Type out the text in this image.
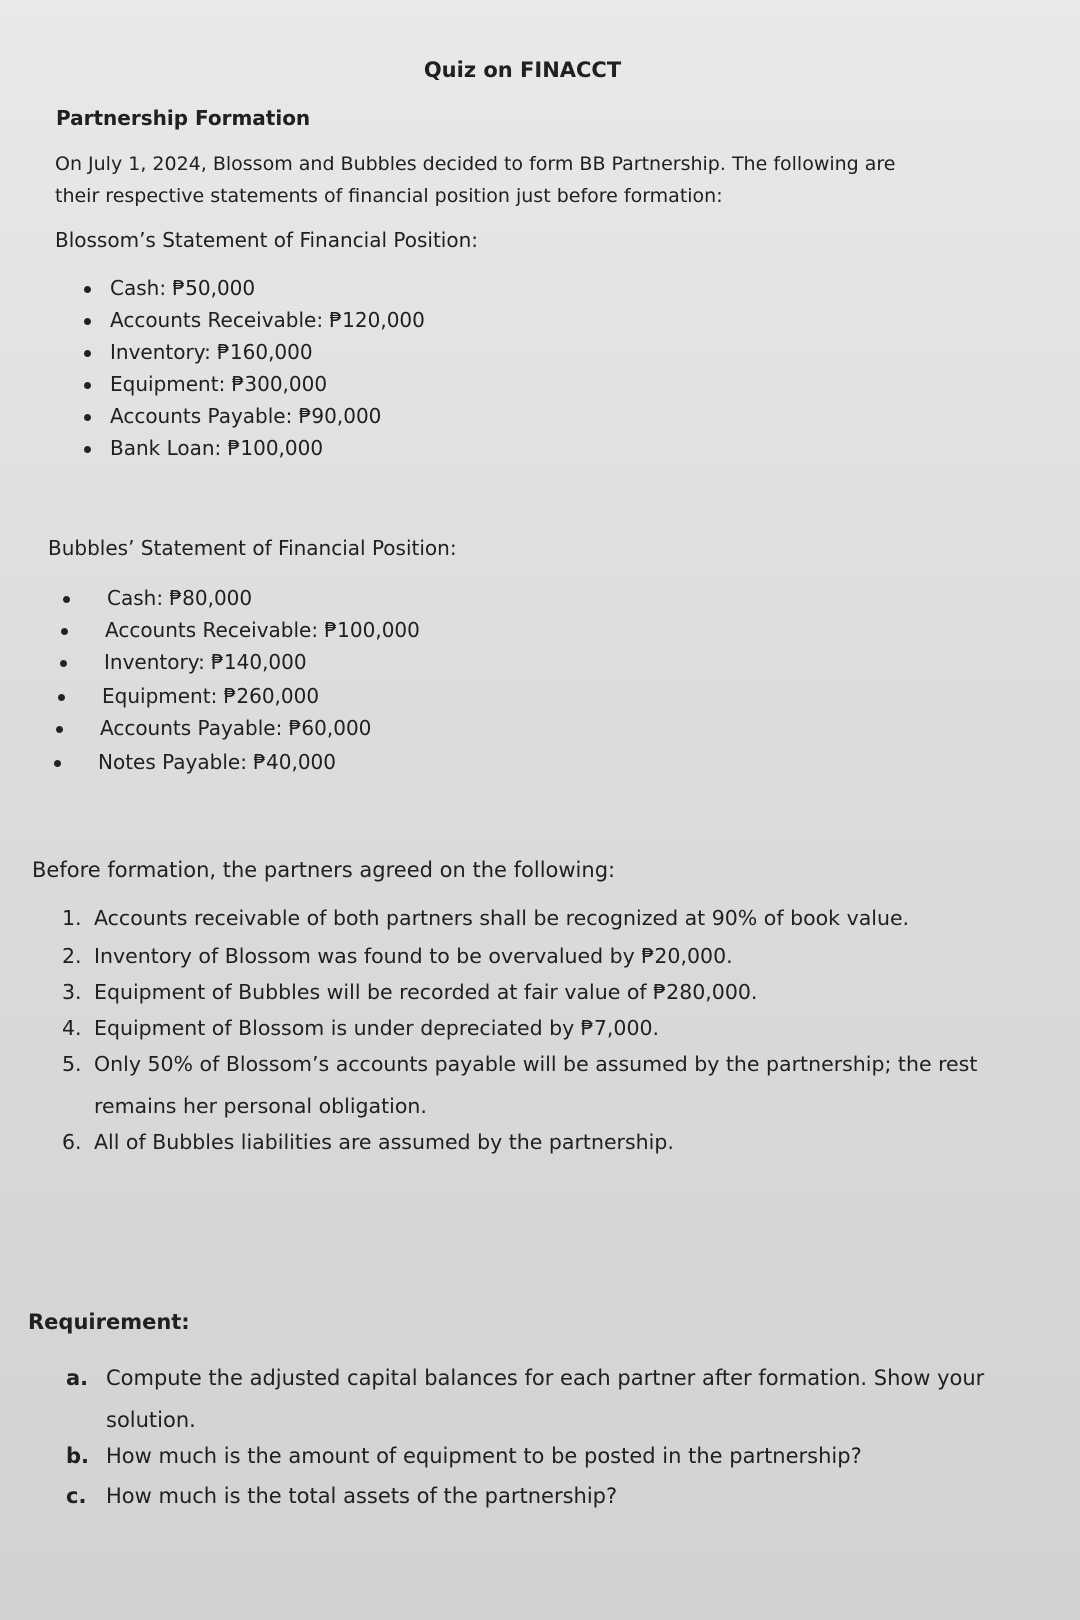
Quiz on FINACCT
Partnership Formation
On July 1, 2024, Blossom and Bubbles decided to form BB Partnership. The following are
their respective statements of financial position just before formation:
Blossom’s Statement of Financial Position:
Cash: ₱50,000
Accounts Receivable: ₱120,000
Inventory: ₱160,000
Equipment: ₱300,000
Accounts Payable: ₱90,000
Bank Loan: ₱100,000
Bubbles’ Statement of Financial Position:
Cash: ₱80,000
Accounts Receivable: ₱100,000
Inventory: ₱140,000
Equipment: ₱260,000
Accounts Payable: ₱60,000
Notes Payable: ₱40,000
Before formation, the partners agreed on the following:
1. Accounts receivable of both partners shall be recognized at 90% of book value.
2. Inventory of Blossom was found to be overvalued by ₱20,000.
3. Equipment of Bubbles will be recorded at fair value of ₱280,000.
4. Equipment of Blossom is under depreciated by ₱7,000.
5. Only 50% of Blossom’s accounts payable will be assumed by the partnership; the rest
remains her personal obligation.
6. All of Bubbles liabilities are assumed by the partnership.
Requirement:
a. Compute the adjusted capital balances for each partner after formation. Show your
solution.
b. How much is the amount of equipment to be posted in the partnership?
c. How much is the total assets of the partnership?
